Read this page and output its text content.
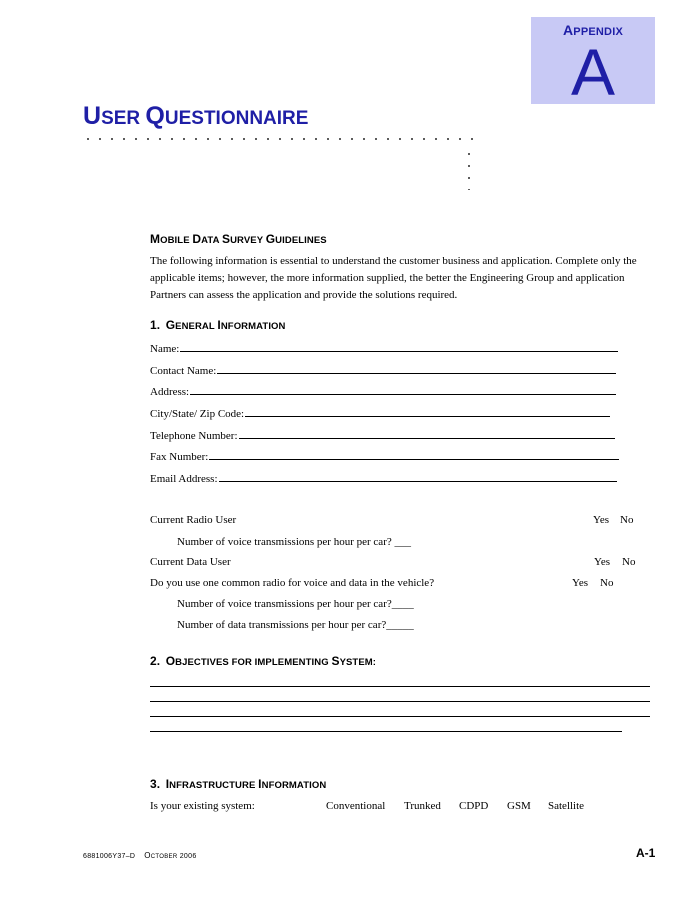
APPENDIX
A
USER QUESTIONNAIRE
MOBILE DATA SURVEY GUIDELINES
The following information is essential to understand the customer business and application. Complete only the applicable items; however, the more information supplied, the better the Engineering Group and application Partners can assess the application and provide the solutions required.
1. GENERAL INFORMATION
Name:
Contact Name:
Address:
City/State/ Zip Code:
Telephone Number:
Fax Number:
Email Address:
Current Radio User	Yes No
Number of voice transmissions per hour per car? ___
Current Data User	Yes No
Do you use one common radio for voice and data in the vehicle?	Yes No
Number of voice transmissions per hour per car?____
Number of data transmissions per hour per car?_____
2. OBJECTIVES FOR IMPLEMENTING SYSTEM:
3. INFRASTRUCTURE INFORMATION
Is your existing system:	Conventional Trunked CDPD GSM Satellite
6881006Y37–D OCTOBER 2006	A-1
